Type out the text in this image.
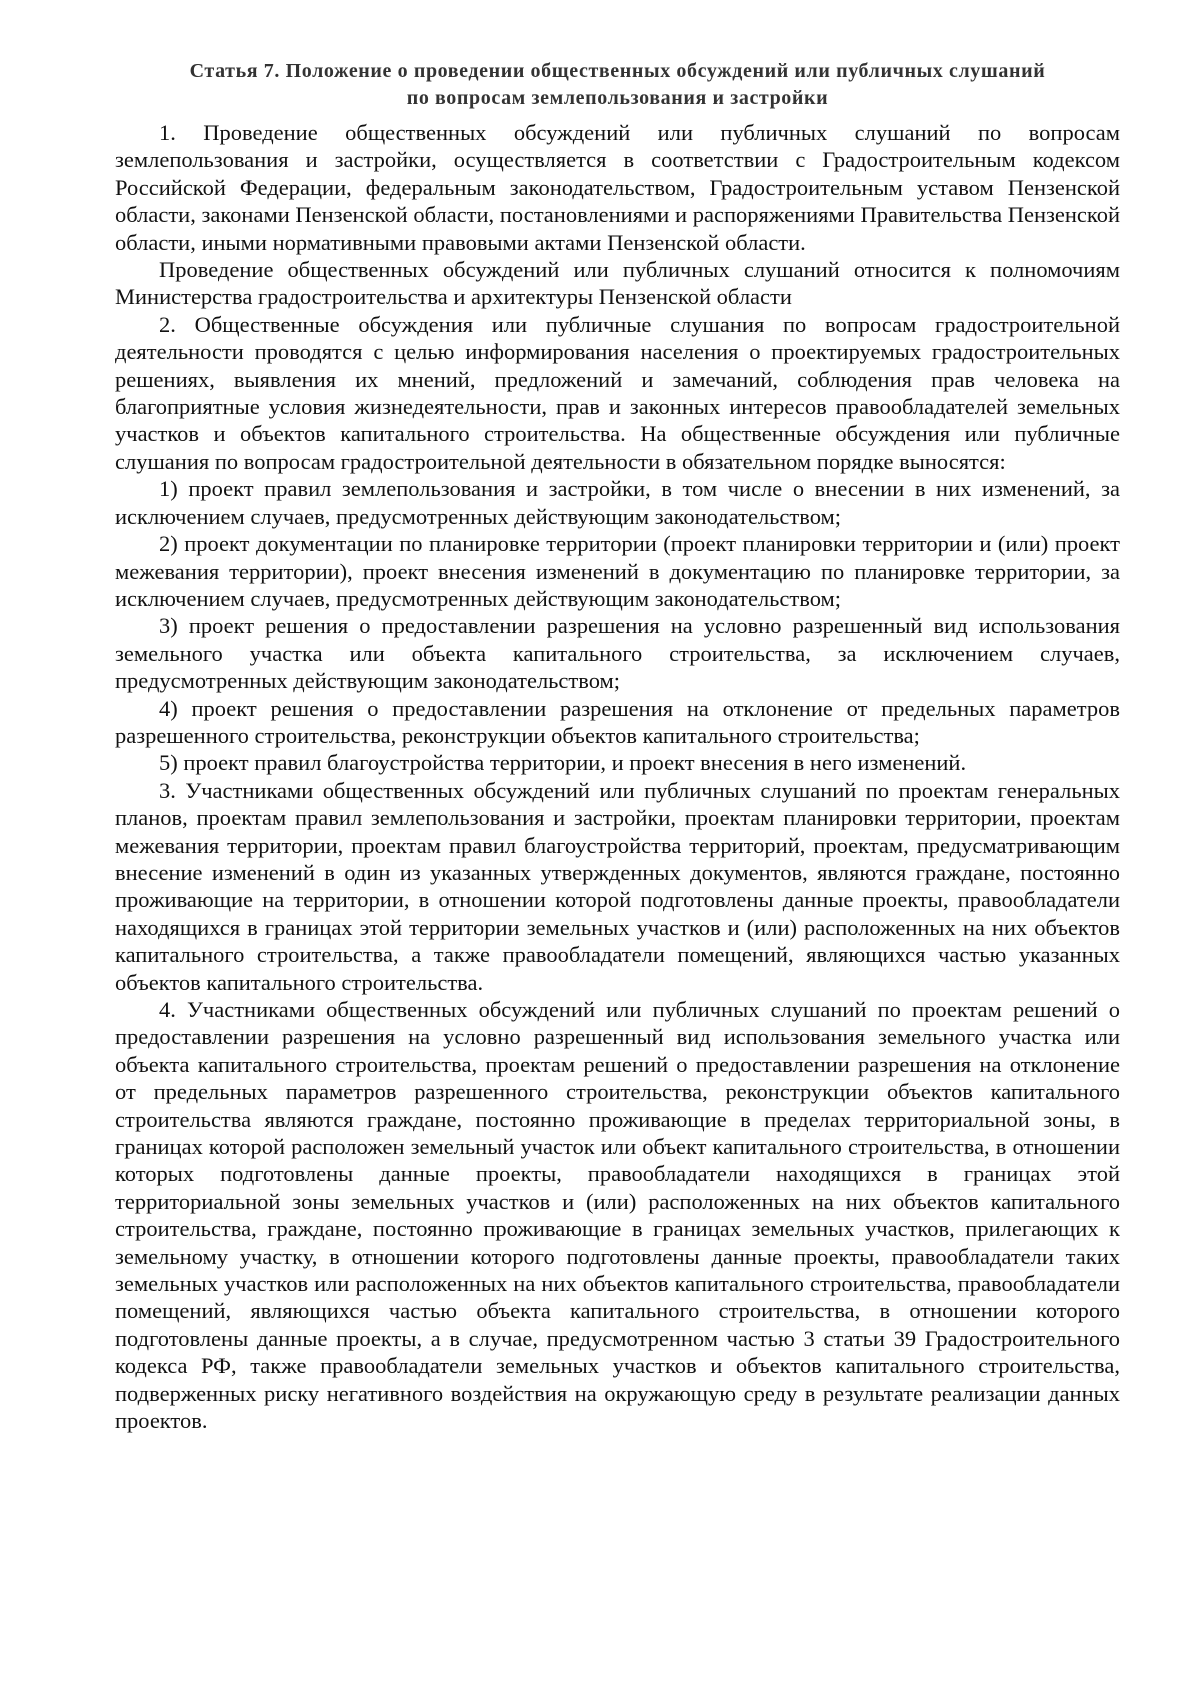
Статья 7. Положение о проведении общественных обсуждений или публичных слушаний
по вопросам землепользования и застройки

1. Проведение общественных обсуждений или публичных слушаний по вопросам землепользования и застройки, осуществляется в соответствии с Градостроительным кодексом Российской Федерации, федеральным законодательством, Градостроительным уставом Пензенской области, законами Пензенской области, постановлениями и распоряжениями Правительства Пензенской области, иными нормативными правовыми актами Пензенской области.

Проведение общественных обсуждений или публичных слушаний относится к полномочиям Министерства градостроительства и архитектуры Пензенской области

2. Общественные обсуждения или публичные слушания по вопросам градостроительной деятельности проводятся с целью информирования населения о проектируемых градостроительных решениях, выявления их мнений, предложений и замечаний, соблюдения прав человека на благоприятные условия жизнедеятельности, прав и законных интересов правообладателей земельных участков и объектов капитального строительства. На общественные обсуждения или публичные слушания по вопросам градостроительной деятельности в обязательном порядке выносятся:

1) проект правил землепользования и застройки, в том числе о внесении в них изменений, за исключением случаев, предусмотренных действующим законодательством;

2) проект документации по планировке территории (проект планировки территории и (или) проект межевания территории), проект внесения изменений в документацию по планировке территории, за исключением случаев, предусмотренных действующим законодательством;

3) проект решения о предоставлении разрешения на условно разрешенный вид использования земельного участка или объекта капитального строительства, за исключением случаев, предусмотренных действующим законодательством;

4) проект решения о предоставлении разрешения на отклонение от предельных параметров разрешенного строительства, реконструкции объектов капитального строительства;

5) проект правил благоустройства территории, и проект внесения в него изменений.

3. Участниками общественных обсуждений или публичных слушаний по проектам генеральных планов, проектам правил землепользования и застройки, проектам планировки территории, проектам межевания территории, проектам правил благоустройства территорий, проектам, предусматривающим внесение изменений в один из указанных утвержденных документов, являются граждане, постоянно проживающие на территории, в отношении которой подготовлены данные проекты, правообладатели находящихся в границах этой территории земельных участков и (или) расположенных на них объектов капитального строительства, а также правообладатели помещений, являющихся частью указанных объектов капитального строительства.

4. Участниками общественных обсуждений или публичных слушаний по проектам решений о предоставлении разрешения на условно разрешенный вид использования земельного участка или объекта капитального строительства, проектам решений о предоставлении разрешения на отклонение от предельных параметров разрешенного строительства, реконструкции объектов капитального строительства являются граждане, постоянно проживающие в пределах территориальной зоны, в границах которой расположен земельный участок или объект капитального строительства, в отношении которых подготовлены данные проекты, правообладатели находящихся в границах этой территориальной зоны земельных участков и (или) расположенных на них объектов капитального строительства, граждане, постоянно проживающие в границах земельных участков, прилегающих к земельному участку, в отношении которого подготовлены данные проекты, правообладатели таких земельных участков или расположенных на них объектов капитального строительства, правообладатели помещений, являющихся частью объекта капитального строительства, в отношении которого подготовлены данные проекты, а в случае, предусмотренном частью 3 статьи 39 Градостроительного кодекса РФ, также правообладатели земельных участков и объектов капитального строительства, подверженных риску негативного воздействия на окружающую среду в результате реализации данных проектов.
